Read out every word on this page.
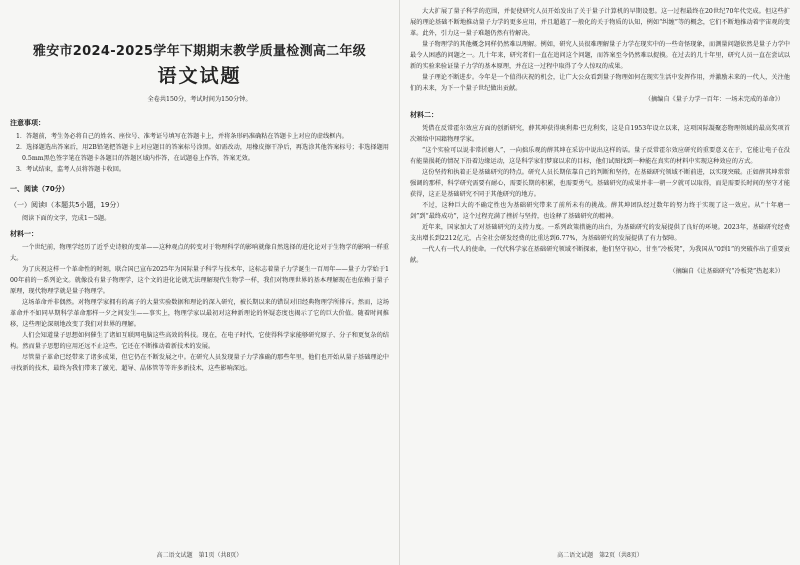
雅安市2024-2025学年下期期末教学质量检测高二年级
语文试题
全卷共150分，考试时间为150分钟。
注意事项：

1．答题前，考生务必将自己的姓名、座位号、准考证号填写在答题卡上，并将条形码准确粘在答题卡上对应的虚线框内。

2．选择题选出答案后，用2B铅笔把答题卡上对应题目的答案标号涂黑。如需改动，用橡皮擦干净后，再选涂其他答案标号；非选择题用0.5mm黑色签字笔在答题卡各题目的答题区域内作答，在试题卷上作答，答案无效。

3．考试结束，监考人员将答题卡收回。

一、阅读（70分）
（一）阅读Ⅰ（本题共5小题，19分）

阅读下面的文字，完成1～5题。

材料一：

一个世纪前，物理学经历了近乎史诗般的变革——这种观点的转变对于物理科学的影响就像自然选择的进化论对于生物学的影响一样重大。

为了庆祝这样一个革命性的时刻，联合国已宣布2025年为国际量子科学与技术年，这标志着量子力学诞生一百周年——量子力学始于100年前的一系列论文。就像没有量子物理学，这个文的进化论就无法理解现代生物学一样，我们对物理世界的基本理解现在也依赖于量子原理，现代物理学就是量子物理学。

这场革命并非偶然。对物理学家拥有的离子的大量实验数据和理论的深入研究，被长期以来的错误对旧经典物理学所排斥。然而，这场革命并不如同早期科学革命那样一夕之间发生——事实上，物理学家以最初对这种新理论的怀疑态度也揭示了它的巨大价值。随着时间推移，这些理论深刻地改变了我们对世界的理解。

人们会知道量子思想如何催生了诸如互联网电脑这些高效的科技。现在，在电子时代，它使得科学家能够研究原子、分子和更复杂的结构。然而量子思想的应用还远不止这些，它还在不断推动着新技术的发展。

尽管量子革命已经带来了诸多成果，但它仍在不断发展之中。在研究人员发现量子力学准确的那些年里，他们也开始从量子基础理论中寻找新的技术，最终为我们带来了激光、超导、晶体管等等许多新技术，这些影响深远。

高二语文试题　第1页（共8页）

大大扩展了量子科学的范围，并促使研究人员开始发出了关于量子计算机的早期设想。这一过程最终在20世纪70年代完成。但这些扩展的理论基础不断地推动量子力学的更多应用，并且超越了一般化的关于物质的认知，例如“纠缠”等的概念，它们不断地推动着宇宙观的变革。此外，引力这一量子难题仍然有待解决。

量子物理学的其他概念同样仍然难以理解。例如，研究人员很难理解量子力学在现实中的一些奇怪现象，而测量问题依然是量子力学中最令人困惑的问题之一。几十年来，研究者们一直在追问这个问题，而答案至今仍然难以捉摸。在过去的几十年里，研究人员一直在尝试以新的实验来验证量子力学的基本原理，并在这一过程中取得了令人惊叹的成果。

量子理论不断进步。今年是一个值得庆祝的机会，让广大公众看到量子物理如何在现实生活中发挥作用，并激励未来的一代人，关注他们的未来，为下一个量子世纪做出贡献。

（摘编自《量子力学一百年：一场未完成的革命》）

材料二：

凭借在反常霍尔效应方面的创新研究，薛其坤获得奥利弗·巴克利奖，这是自1953年设立以来，这项国际凝聚态物理领域的最高奖项首次颁给中国籍物理学家。

“这个实验可以说非常折磨人”，一向拙乐观的薛其坤在采访中说出这样的话。量子反常霍尔效应研究的重要意义在于，它能让电子在没有能量损耗的情况下沿着边缘运动，这是科学家们梦寐以求的目标，他们试图找到一种能在真实的材料中实现这种效应的方式。

这份坚持和执着正是基础研究的特点。研究人员长期依靠自己的判断和坚持，在基础研究领域不断前进，以实现突破。正如薛其坤常常强调的那样，科学研究需要有耐心，需要长期的积累，也需要勇气。基础研究的成果并非一朝一夕就可以取得，而是需要长时间的坚守才能获得，这正是基础研究不同于其他研究的地方。

不过，这种巨大的不确定性也为基础研究带来了前所未有的挑战。薛其坤团队经过数年的努力终于实现了这一效应。从“十年磨一剑”到“最终成功”，这个过程充满了挫折与坚持，也诠释了基础研究的精神。

近年来，国家加大了对基础研究的支持力度。一系列政策措施的出台，为基础研究的发展提供了良好的环境。2023年，基础研究经费支出增长到2212亿元，占全社会研发经费的比重达到6.77%，为基础研究的发展提供了有力保障。

一代人有一代人的使命。一代代科学家在基础研究领域不断探索，他们坚守初心，甘坐“冷板凳”，为我国从“0到1”的突破作出了重要贡献。

（摘编自《让基础研究“冷板凳”热起来》）

高二语文试题　第2页（共8页）
